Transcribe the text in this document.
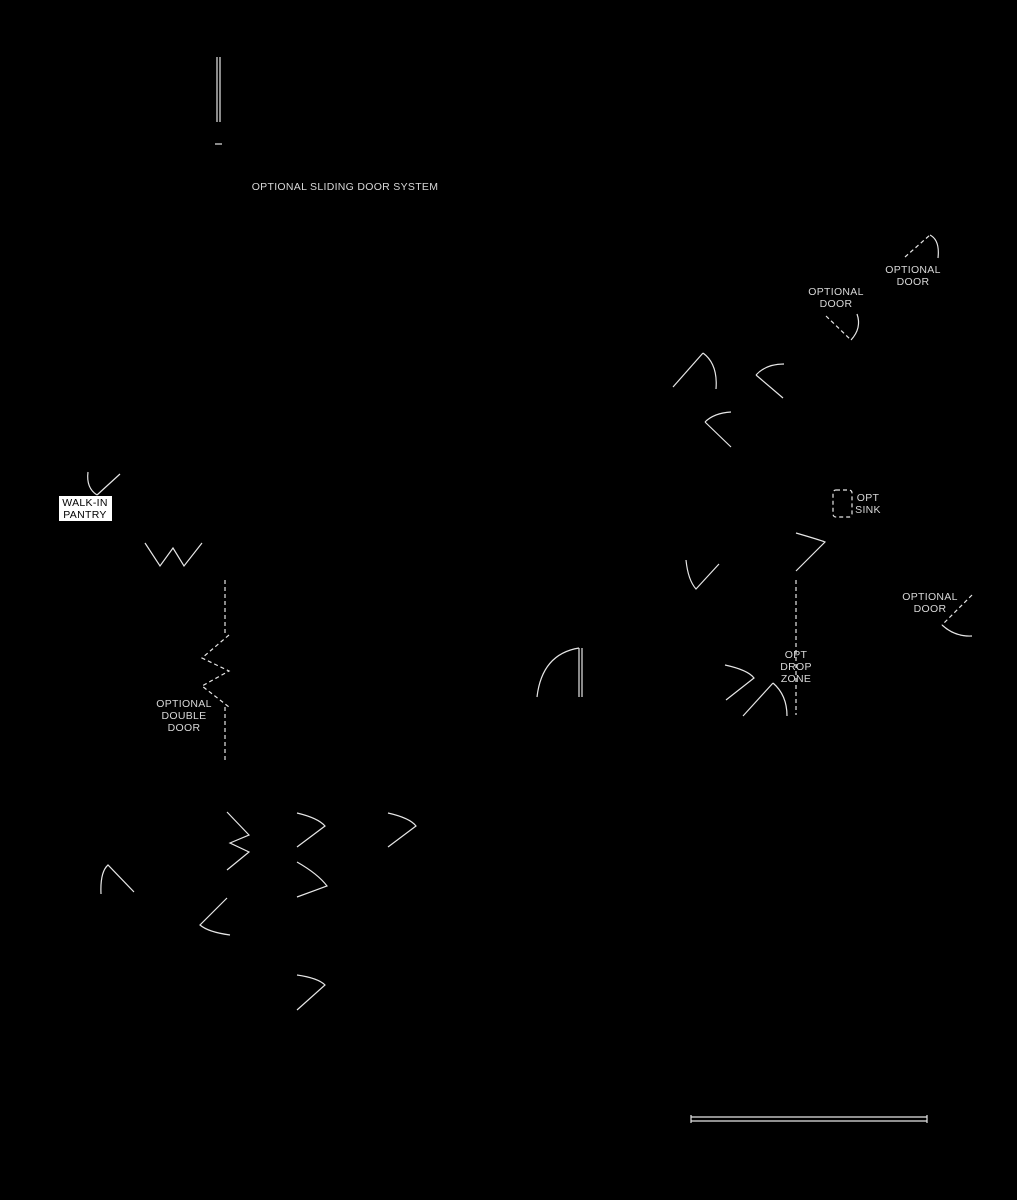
OPTIONAL SLIDING DOOR SYSTEM
OPTIONAL
DOOR
OPTIONAL
DOOR
WALK-IN
PANTRY
OPT
SINK
OPTIONAL
DOOR
OPT
DROP
ZONE
OPTIONAL
DOUBLE
DOOR
